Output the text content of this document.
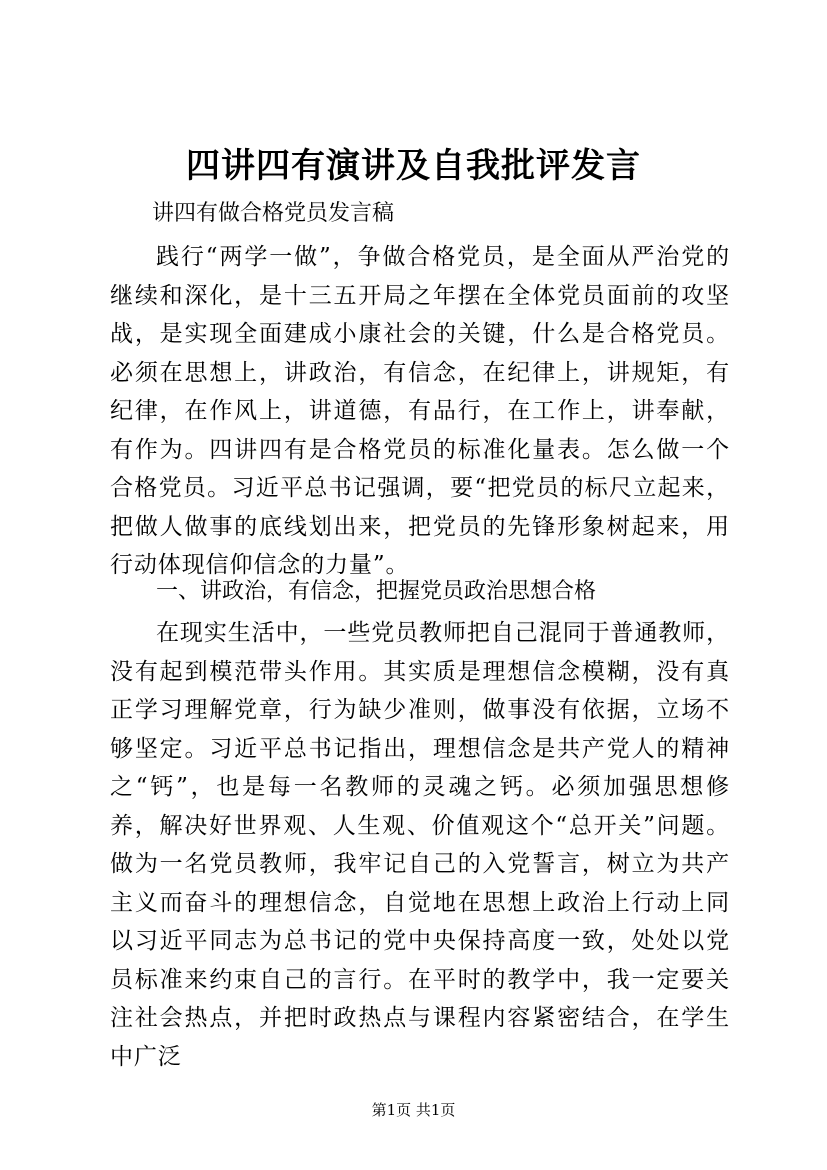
四讲四有演讲及自我批评发言

讲四有做合格党员发言稿

践行“两学一做”，争做合格党员，是全面从严治党的继续和深化，是十三五开局之年摆在全体党员面前的攻坚战，是实现全面建成小康社会的关键，什么是合格党员。必须在思想上，讲政治，有信念，在纪律上，讲规矩，有纪律，在作风上，讲道德，有品行，在工作上，讲奉献，有作为。四讲四有是合格党员的标准化量表。怎么做一个合格党员。习近平总书记强调，要“把党员的标尺立起来，把做人做事的底线划出来，把党员的先锋形象树起来，用行动体现信仰信念的力量”。

一、讲政治，有信念，把握党员政治思想合格

在现实生活中，一些党员教师把自己混同于普通教师，没有起到模范带头作用。其实质是理想信念模糊，没有真正学习理解党章，行为缺少准则，做事没有依据，立场不够坚定。习近平总书记指出，理想信念是共产党人的精神之“钙”，也是每一名教师的灵魂之钙。必须加强思想修养，解决好世界观、人生观、价值观这个“总开关”问题。做为一名党员教师，我牢记自己的入党誓言，树立为共产主义而奋斗的理想信念，自觉地在思想上政治上行动上同以习近平同志为总书记的党中央保持高度一致，处处以党员标准来约束自己的言行。在平时的教学中，我一定要关注社会热点，并把时政热点与课程内容紧密结合，在学生中广泛

第1页 共1页
